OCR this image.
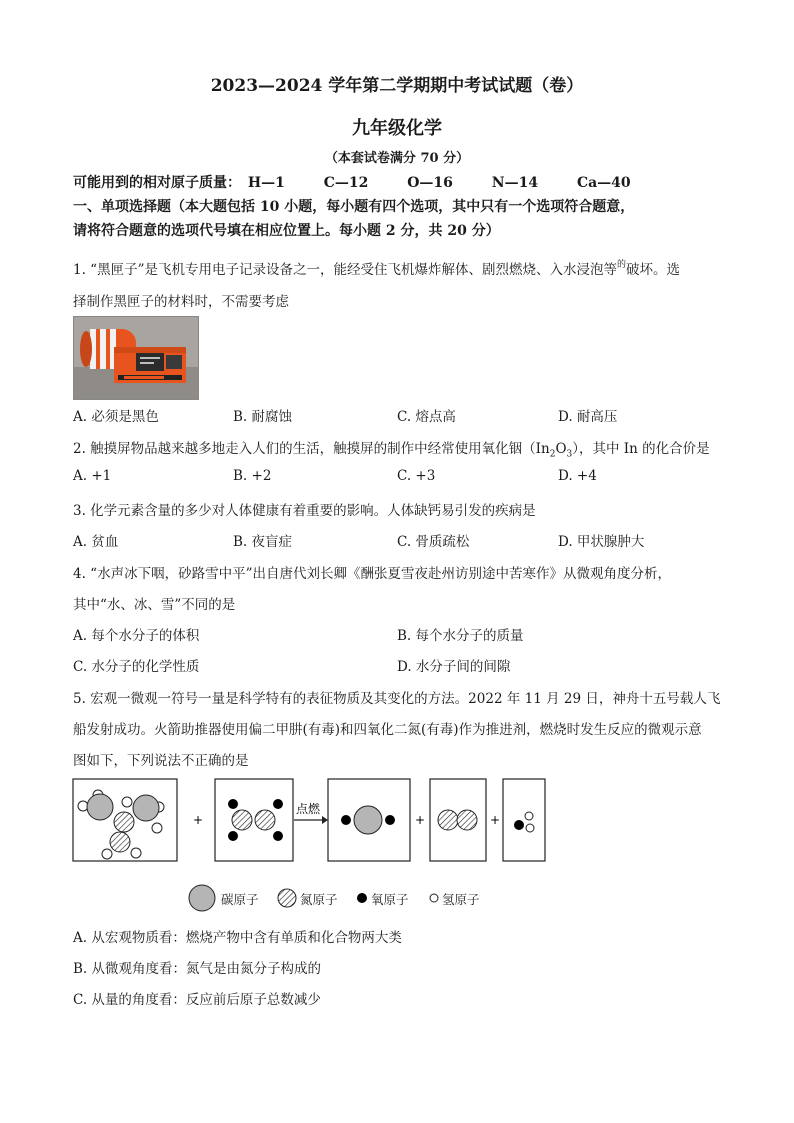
2023—2024 学年第二学期期中考试试题（卷）
九年级化学
（本套试卷满分 70 分）
可能用到的相对原子质量： H—1	C—12	O—16	N—14	Ca—40
一、单项选择题（本大题包括 10 小题，每小题有四个选项，其中只有一个选项符合题意，
请将符合题意的选项代号填在相应位置上。每小题 2 分，共 20 分）
1. “黑匣子”是飞机专用电子记录设备之一，能经受住飞机爆炸解体、剧烈燃烧、入水浸泡等$^的$破坏。选
择制作黑匣子的材料时，不需要考虑
A. 必须是黑色	B. 耐腐蚀	C. 熔点高	D. 耐高压
2. 触摸屏物品越来越多地走入人们的生活，触摸屏的制作中经常使用氧化铟$(In_2O_3)$，其中 In 的化合价是
A. +1	B. +2	C. +3	D. +4
3. 化学元素含量的多少对人体健康有着重要的影响。人体缺钙易引发的疾病是
A. 贫血	B. 夜盲症	C. 骨质疏松	D. 甲状腺肿大
4. “水声冰下咽，砂路雪中平”出自唐代刘长卿《酬张夏雪夜赴州访别途中苦寒作》从微观角度分析，
其中“水、冰、雪”不同的是
A. 每个水分子的体积	B. 每个水分子的质量
C. 水分子的化学性质	D. 水分子间的间隙
5. 宏观一微观一符号一量是科学特有的表征物质及其变化的方法。2022 年 11 月 29 日，神舟十五号载人飞
船发射成功。火箭助推器使用偏二甲肼(有毒)和四氧化二氮(有毒)作为推进剂，燃烧时发生反应的微观示意
图如下，下列说法不正确的是
+
点燃
+	+
碳原子	氮原子	氧原子	氢原子
A. 从宏观物质看：燃烧产物中含有单质和化合物两大类
B. 从微观角度看：氮气是由氮分子构成的
C. 从量的角度看：反应前后原子总数减少
